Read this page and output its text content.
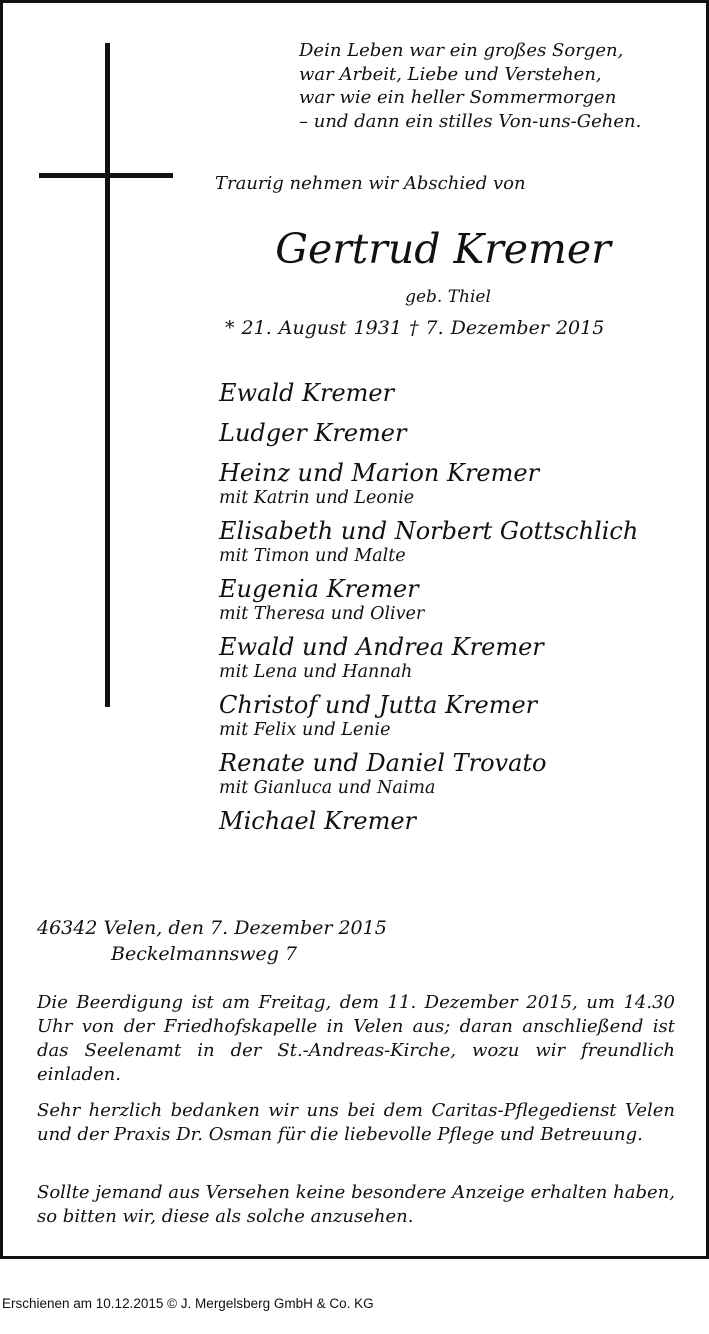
Dein Leben war ein großes Sorgen,
war Arbeit, Liebe und Verstehen,
war wie ein heller Sommermorgen
– und dann ein stilles Von-uns-Gehen.
Traurig nehmen wir Abschied von
Gertrud Kremer
geb. Thiel
* 21. August 1931 † 7. Dezember 2015
Ewald Kremer
Ludger Kremer
Heinz und Marion Kremer
mit Katrin und Leonie
Elisabeth und Norbert Gottschlich
mit Timon und Malte
Eugenia Kremer
mit Theresa und Oliver
Ewald und Andrea Kremer
mit Lena und Hannah
Christof und Jutta Kremer
mit Felix und Lenie
Renate und Daniel Trovato
mit Gianluca und Naima
Michael Kremer
46342 Velen, den 7. Dezember 2015
Beckelmannsweg 7
Die Beerdigung ist am Freitag, dem 11. Dezember 2015, um 14.30 Uhr von der Friedhofskapelle in Velen aus; daran anschließend ist das Seelenamt in der St.-Andreas-Kirche, wozu wir freundlich einladen.
Sehr herzlich bedanken wir uns bei dem Caritas-Pflegedienst Velen und der Praxis Dr. Osman für die liebevolle Pflege und Betreuung.
Sollte jemand aus Versehen keine besondere Anzeige erhalten haben, so bitten wir, diese als solche anzusehen.
Erschienen am 10.12.2015 © J. Mergelsberg GmbH & Co. KG
